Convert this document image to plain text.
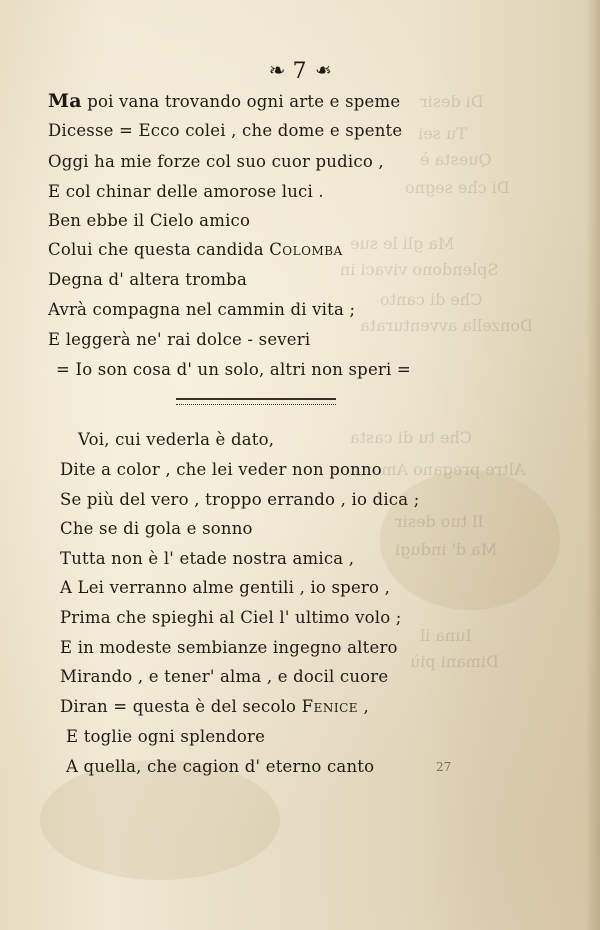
Di desir
Tu sei
Questa è
Di che segno
Ma gli le sue
Splendono vivaci in
Che di canto
Donzella avventurata
Che tu di casta
Altre pregano Amor con
Il tuo desir
Ma d' indugi
Iuna il
Dimani più
❧ 7 ❧
Ma poi vana trovando ogni arte e speme
Dicesse = Ecco colei , che dome e spente
Oggi ha mie forze col suo cuor pudico ,
E col chinar delle amorose luci .
Ben ebbe il Cielo amico
Colui che questa candida Colomba
Degna d' altera tromba
Avrà compagna nel cammin di vita ;
E leggerà ne' rai dolce - severi
= Io son cosa d' un solo, altri non speri =
Voi, cui vederla è dato,
Dite a color , che lei veder non ponno
Se più del vero , troppo errando , io dica ;
Che se di gola e sonno
Tutta non è l' etade nostra amica ,
A Lei verranno alme gentili , io spero ,
Prima che spieghi al Ciel l' ultimo volo ;
E in modeste sembianze ingegno altero
Mirando , e tener' alma , e docil cuore
Diran = questa è del secolo Fenice ,
E toglie ogni splendore
A quella, che cagion d' eterno canto	27
